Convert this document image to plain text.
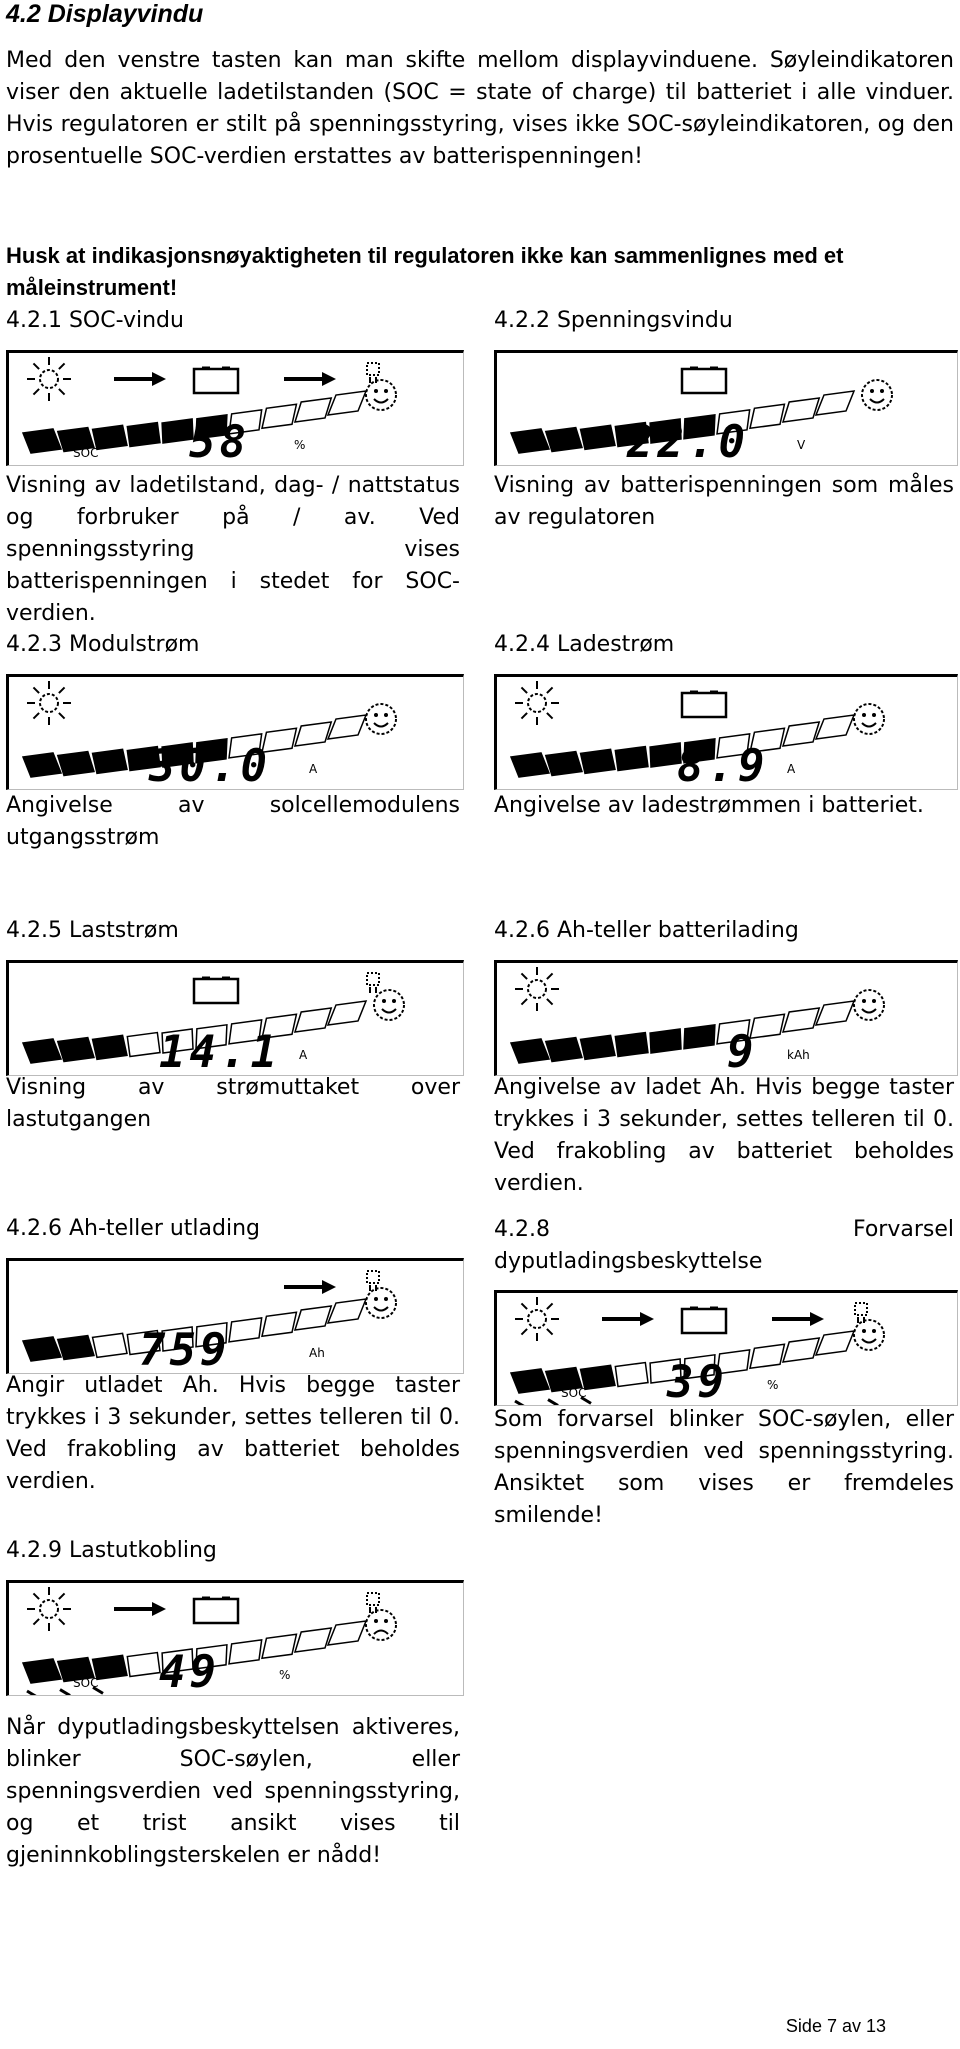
4.2 Displayvindu
Med den venstre tasten kan man skifte mellom displayvinduene. Søyleindikatoren viser den aktuelle ladetilstanden (SOC = state of charge) til batteriet i alle vinduer. Hvis regulatoren er stilt på spenningsstyring, vises ikke SOC-søyleindikatoren, og den prosentuelle SOC-verdien erstattes av batterispenningen!
Husk at indikasjonsnøyaktigheten til regulatoren ikke kan sammenlignes med et måleinstrument!
4.2.1 SOC-vindu	4.2.2 Spenningsvindu
58	%
SOC	22.0	V
Visning av ladetilstand, dag- / nattstatus og forbruker på / av. Ved spenningsstyring vises batterispenningen i stedet for SOC-verdien.
Visning av batterispenningen som måles av regulatoren
4.2.3 Modulstrøm	4.2.4 Ladestrøm
30.0	A	8.9 A
Angivelse av solcellemodulens utgangsstrøm
Angivelse av ladestrømmen i batteriet.
4.2.5 Laststrøm	4.2.6 Ah-teller batterilading
14.1 A	9 kAh
Visning av strømuttaket over lastutgangen
Angivelse av ladet Ah. Hvis begge taster trykkes i 3 sekunder, settes telleren til 0. Ved frakobling av batteriet beholdes verdien.
4.2.6 Ah-teller utlading	4.2.8	Forvarsel
dyputladingsbeskyttelse
759	Ah
39	%
SOC
Angir utladet Ah. Hvis begge taster trykkes i 3 sekunder, settes telleren til 0. Ved frakobling av batteriet beholdes verdien.
Som forvarsel blinker SOC-søylen, eller spenningsverdien ved spenningsstyring. Ansiktet som vises er fremdeles smilende!
4.2.9 Lastutkobling
49	%
SOC
Når dyputladingsbeskyttelsen aktiveres, blinker SOC-søylen, eller spenningsverdien ved spenningsstyring, og et trist ansikt vises til gjeninnkoblingsterskelen er nådd!
Side 7 av 13
